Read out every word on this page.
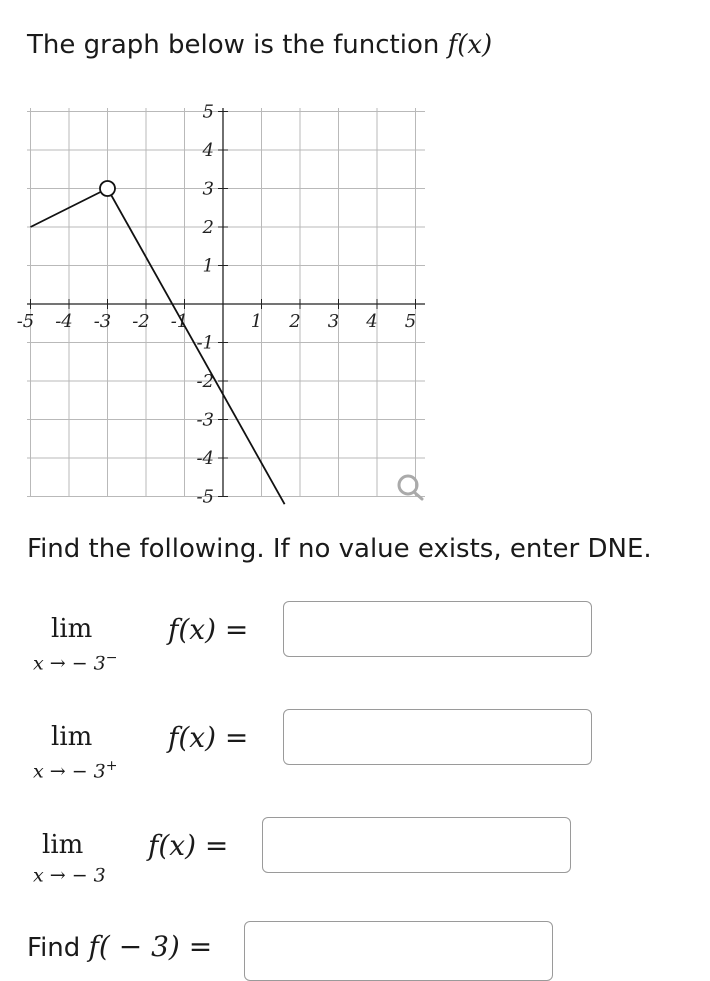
The graph below is the function f(x)
-5 -4 -3 -2 -1	1 2 3 4 5
5
4
3
2
1
-1
-2
-3
-4
-5
Find the following. If no value exists, enter DNE.
lim
x → − 3−
f(x) =
lim
x → − 3+
f(x) =
lim
x → − 3
f(x) =
Find f( − 3) =
